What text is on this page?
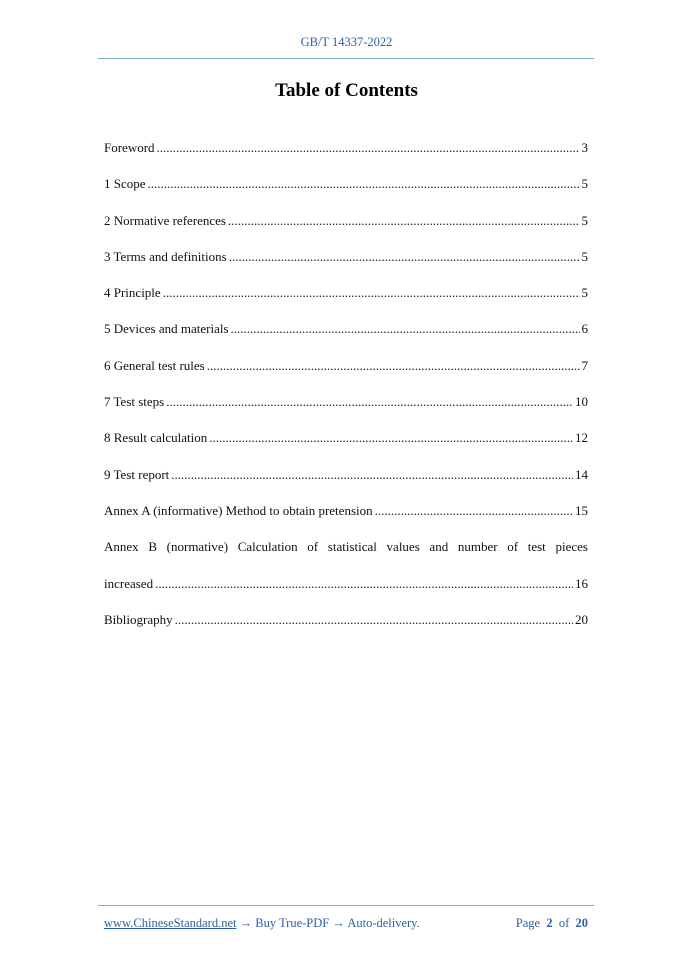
GB/T 14337-2022
Table of Contents
Foreword .....	3
1 Scope .....	5
2 Normative references .....	5
3 Terms and definitions .....	5
4 Principle .....	5
5 Devices and materials .....	6
6 General test rules .....	7
7 Test steps .....	10
8 Result calculation .....	12
9 Test report .....	14
Annex A (informative) Method to obtain pretension .....	15
Annex B (normative) Calculation of statistical values and number of test pieces
increased .....	16
Bibliography .....	20
www.ChineseStandard.net → Buy True-PDF → Auto-delivery.	Page 2 of 20
